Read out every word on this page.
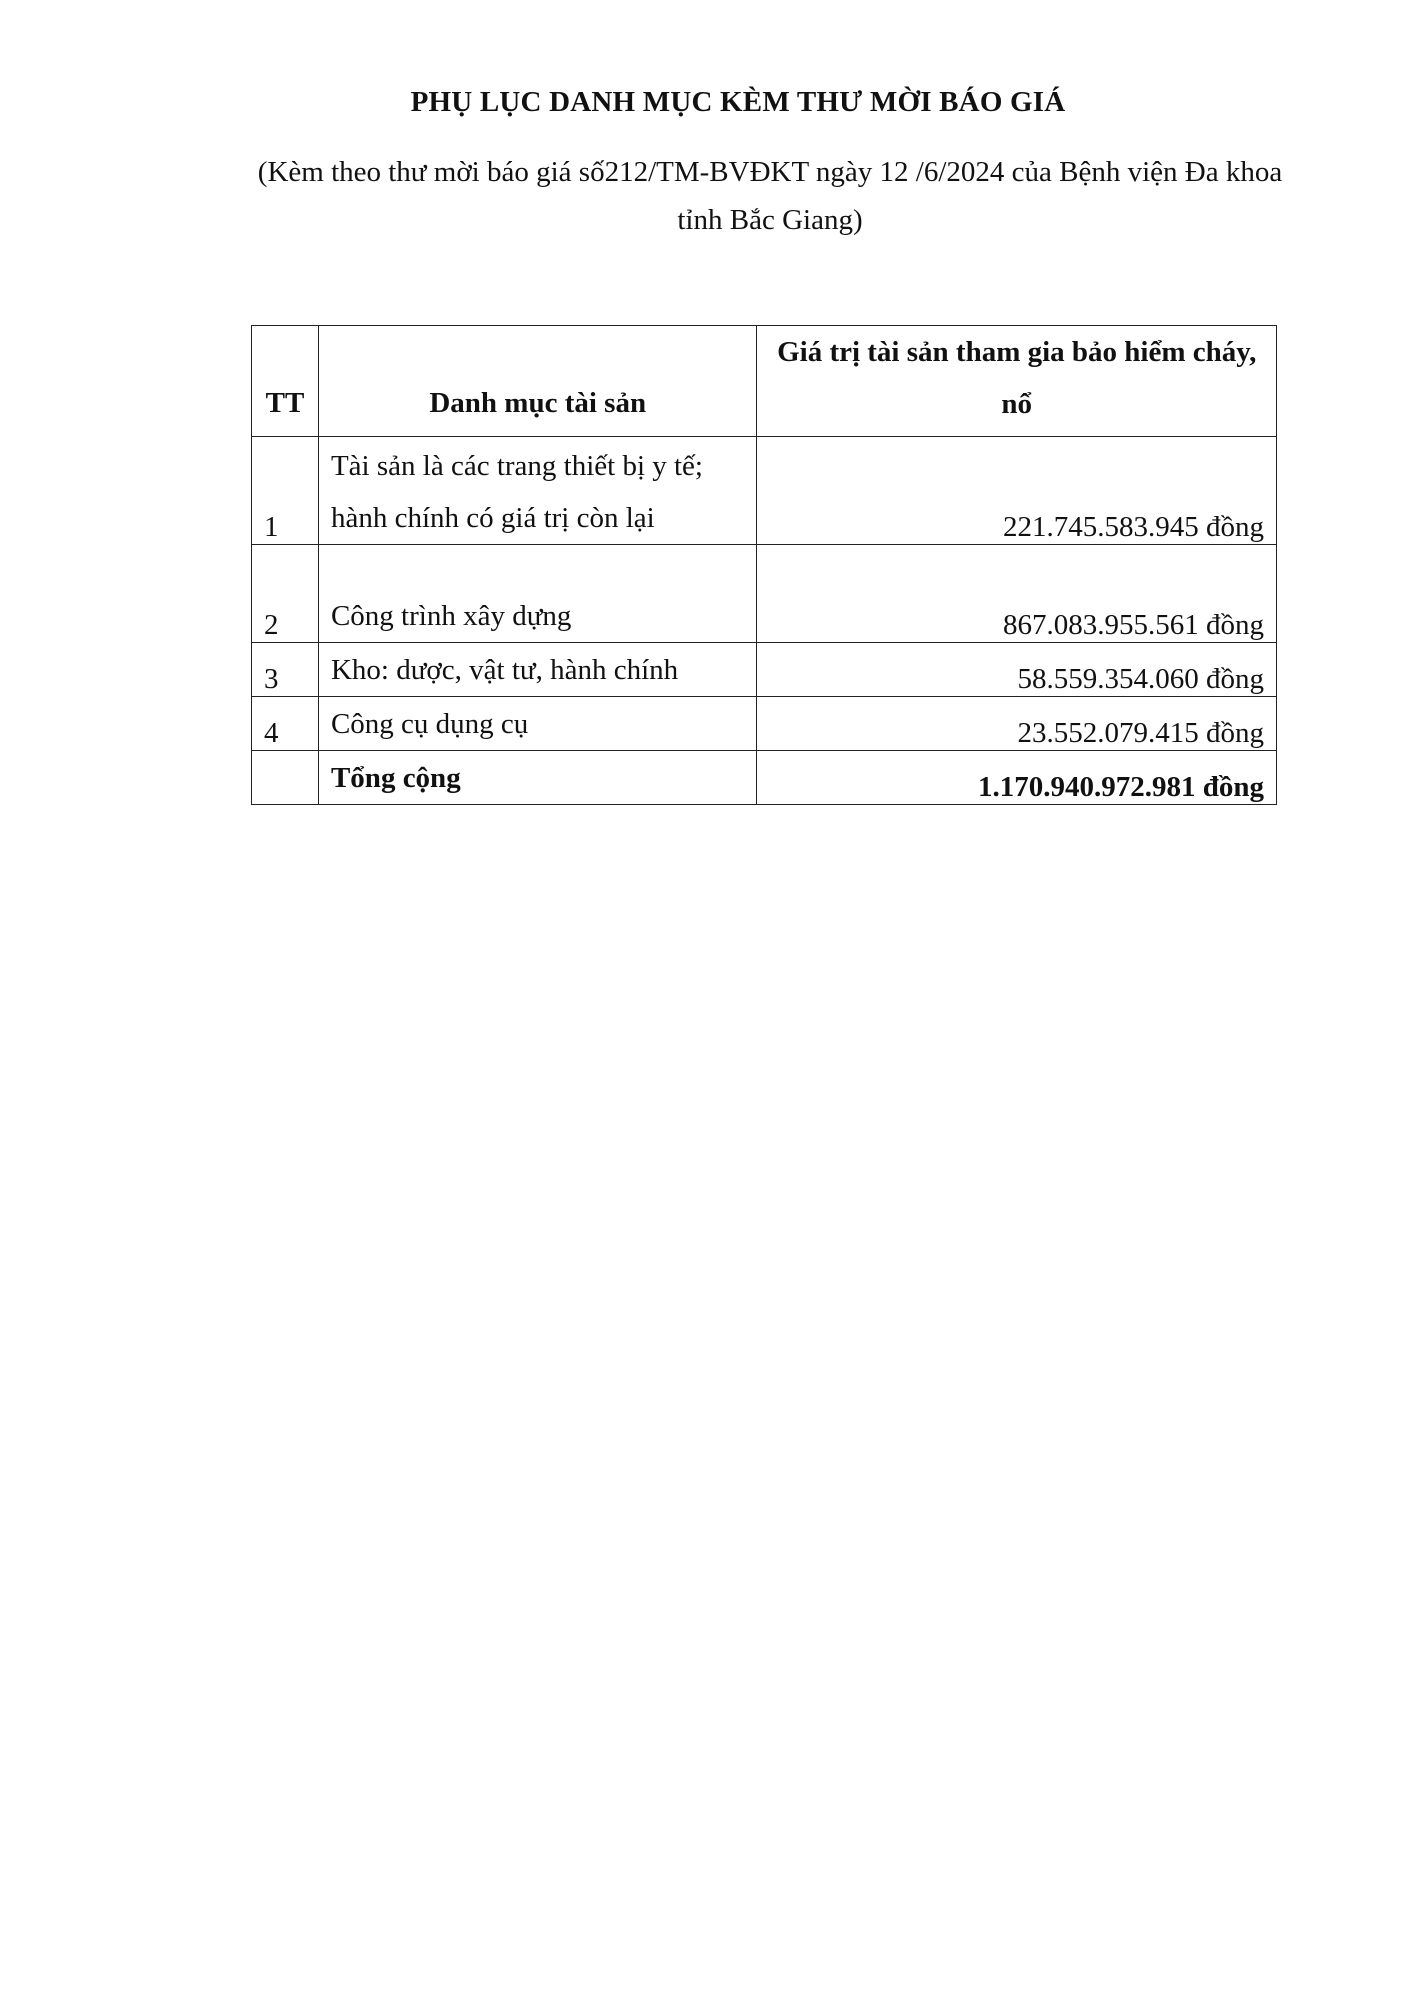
PHỤ LỤC DANH MỤC KÈM THƯ MỜI BÁO GIÁ
(Kèm theo thư mời báo giá số212/TM-BVĐKT ngày 12 /6/2024 của Bệnh viện Đa khoa
tỉnh Bắc Giang)
TT	Danh mục tài sản	Giá trị tài sản tham gia bảo hiểm cháy, nổ
1	Tài sản là các trang thiết bị y tế; hành chính có giá trị còn lại	221.745.583.945 đồng
2	Công trình xây dựng	867.083.955.561 đồng
3	Kho: dược, vật tư, hành chính	58.559.354.060 đồng
4	Công cụ dụng cụ	23.552.079.415 đồng
	Tổng cộng	1.170.940.972.981 đồng
